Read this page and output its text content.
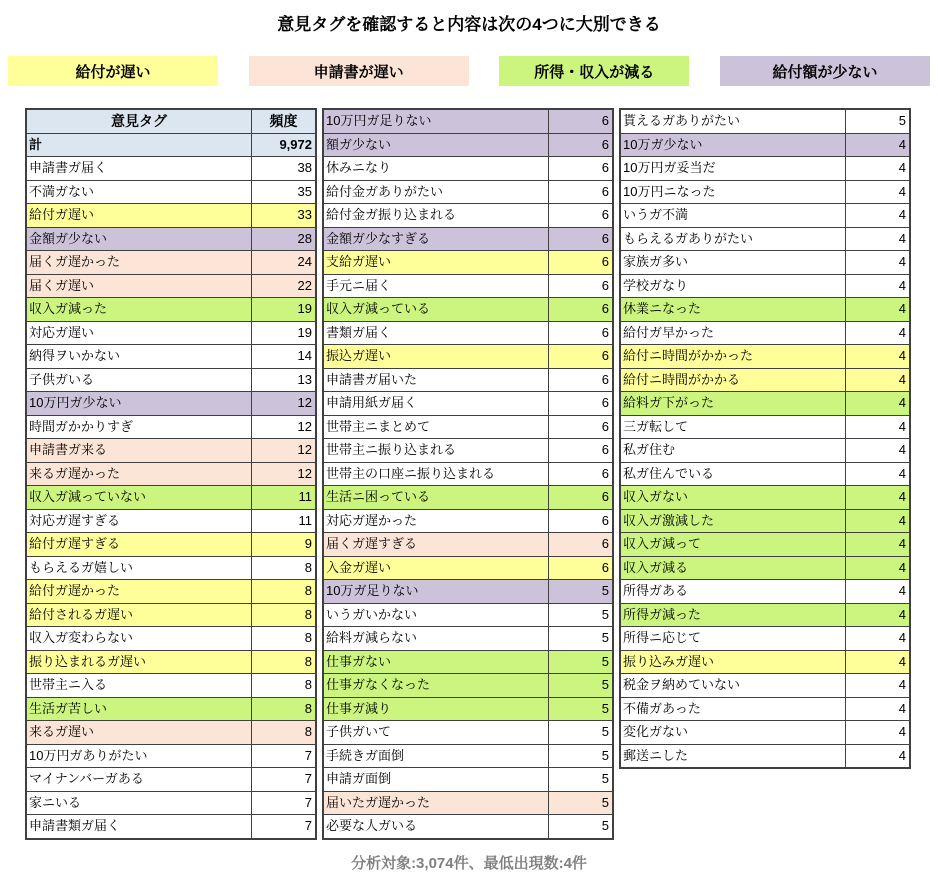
意見タグを確認すると内容は次の4つに大別できる
給付が遅い	申請書が遅い	所得・収入が減る	給付額が少ない
意見タグ	頻度
計	9,972
申請書ガ届く	38
不満ガない	35
給付ガ遅い	33
金額ガ少ない	28
届くガ遅かった	24
届くガ遅い	22
収入ガ減った	19
対応ガ遅い	19
納得ヲいかない	14
子供ガいる	13
10万円ガ少ない	12
時間ガかかりすぎ	12
申請書ガ来る	12
来るガ遅かった	12
収入ガ減っていない	11
対応ガ遅すぎる	11
給付ガ遅すぎる	9
もらえるガ嬉しい	8
給付ガ遅かった	8
給付されるガ遅い	8
収入ガ変わらない	8
振り込まれるガ遅い	8
世帯主ニ入る	8
生活ガ苦しい	8
来るガ遅い	8
10万円ガありがたい	7
マイナンバーガある	7
家ニいる	7
申請書類ガ届く	7
10万円ガ足りない	6
額ガ少ない	6
休みニなり	6
給付金ガありがたい	6
給付金ガ振り込まれる	6
金額ガ少なすぎる	6
支給ガ遅い	6
手元ニ届く	6
収入ガ減っている	6
書類ガ届く	6
振込ガ遅い	6
申請書ガ届いた	6
申請用紙ガ届く	6
世帯主ニまとめて	6
世帯主ニ振り込まれる	6
世帯主の口座ニ振り込まれる	6
生活ニ困っている	6
対応ガ遅かった	6
届くガ遅すぎる	6
入金ガ遅い	6
10万ガ足りない	5
いうガいかない	5
給料ガ減らない	5
仕事ガない	5
仕事ガなくなった	5
仕事ガ減り	5
子供ガいて	5
手続きガ面倒	5
申請ガ面倒	5
届いたガ遅かった	5
必要な人ガいる	5
貰えるガありがたい	5
10万ガ少ない	4
10万円ガ妥当だ	4
10万円ニなった	4
いうガ不満	4
もらえるガありがたい	4
家族ガ多い	4
学校ガなり	4
休業ニなった	4
給付ガ早かった	4
給付ニ時間がかかった	4
給付ニ時間がかかる	4
給料ガ下がった	4
三ガ転して	4
私ガ住む	4
私ガ住んでいる	4
収入ガない	4
収入ガ激減した	4
収入ガ減って	4
収入ガ減る	4
所得ガある	4
所得ガ減った	4
所得ニ応じて	4
振り込みガ遅い	4
税金ヲ納めていない	4
不備ガあった	4
変化ガない	4
郵送ニした	4
分析対象:3,074件、最低出現数:4件
